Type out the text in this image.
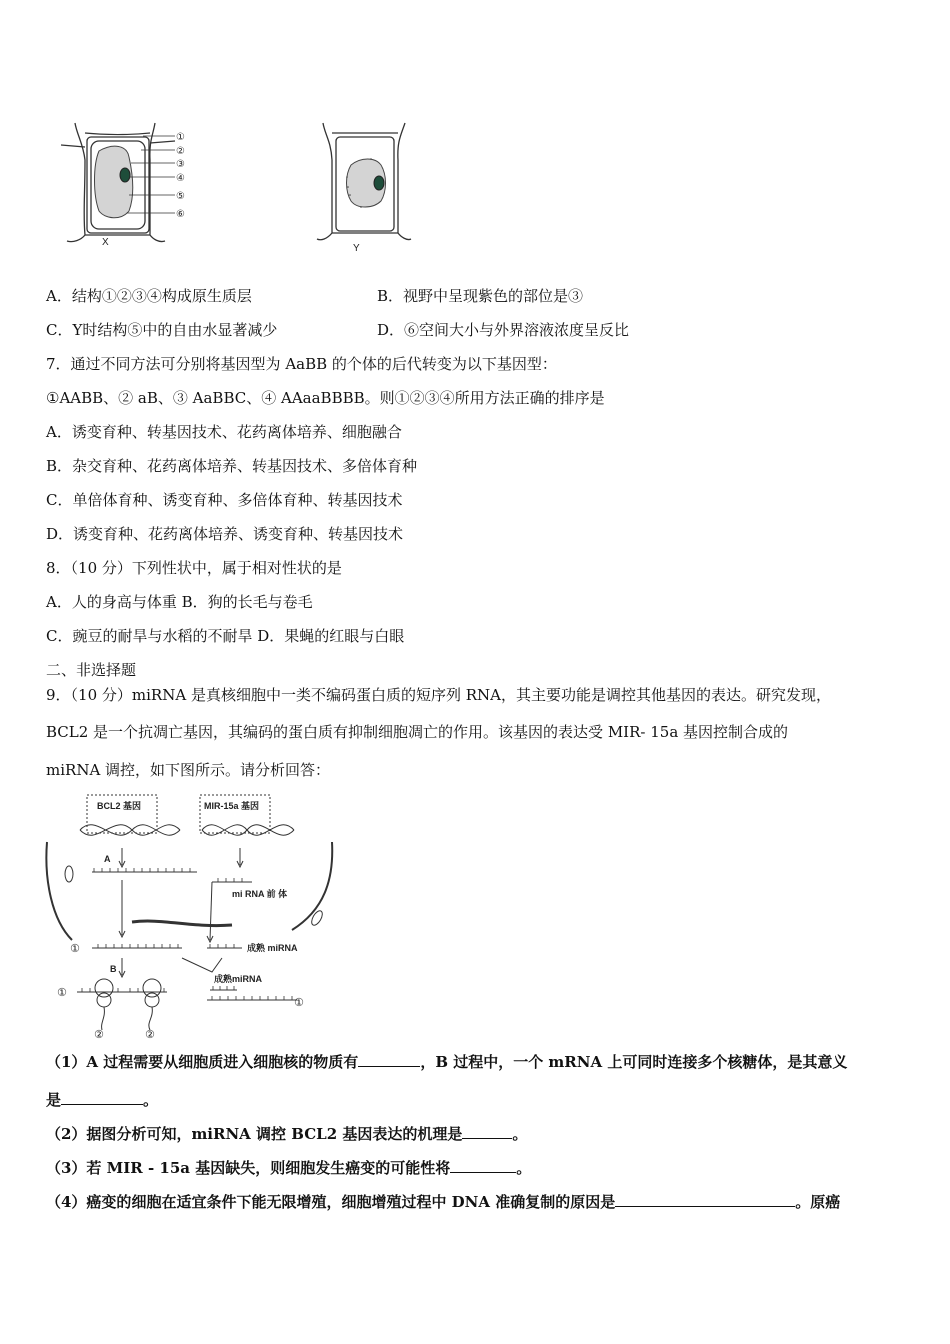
①
②
③
④
⑤
⑥
X
Y
A．结构①②③④构成原生质层	B．视野中呈现紫色的部位是③
C．Y时结构⑤中的自由水显著减少	D．⑥空间大小与外界溶液浓度呈反比
7．通过不同方法可分别将基因型为 AaBB 的个体的后代转变为以下基因型：
①AABB、② aB、③ AaBBC、④ AAaaBBBB。则①②③④所用方法正确的排序是
A．诱变育种、转基因技术、花药离体培养、细胞融合
B．杂交育种、花药离体培养、转基因技术、多倍体育种
C．单倍体育种、诱变育种、多倍体育种、转基因技术
D．诱变育种、花药离体培养、诱变育种、转基因技术
8．（10 分）下列性状中，属于相对性状的是
A．人的身高与体重 B．狗的长毛与卷毛
C．豌豆的耐旱与水稻的不耐旱 D．果蝇的红眼与白眼
二、非选择题
9．（10 分）miRNA 是真核细胞中一类不编码蛋白质的短序列 RNA，其主要功能是调控其他基因的表达。研究发现，
BCL2 是一个抗凋亡基因，其编码的蛋白质有抑制细胞凋亡的作用。该基因的表达受 MIR- 15a 基因控制合成的
miRNA 调控，如下图所示。请分析回答：
BCL2 基因	MIR-15a 基因
A
B
mi RNA 前 体
成熟 miRNA
成熟miRNA
①
①
①
②	②
（1）A 过程需要从细胞质进入细胞核的物质有	，B 过程中，一个 mRNA 上可同时连接多个核糖体，是其意义
是	。
（2）据图分析可知，miRNA 调控 BCL2 基因表达的机理是	。
（3）若 MIR - 15a 基因缺失，则细胞发生癌变的可能性将	。
（4）癌变的细胞在适宜条件下能无限增殖，细胞增殖过程中 DNA 准确复制的原因是	。原癌
